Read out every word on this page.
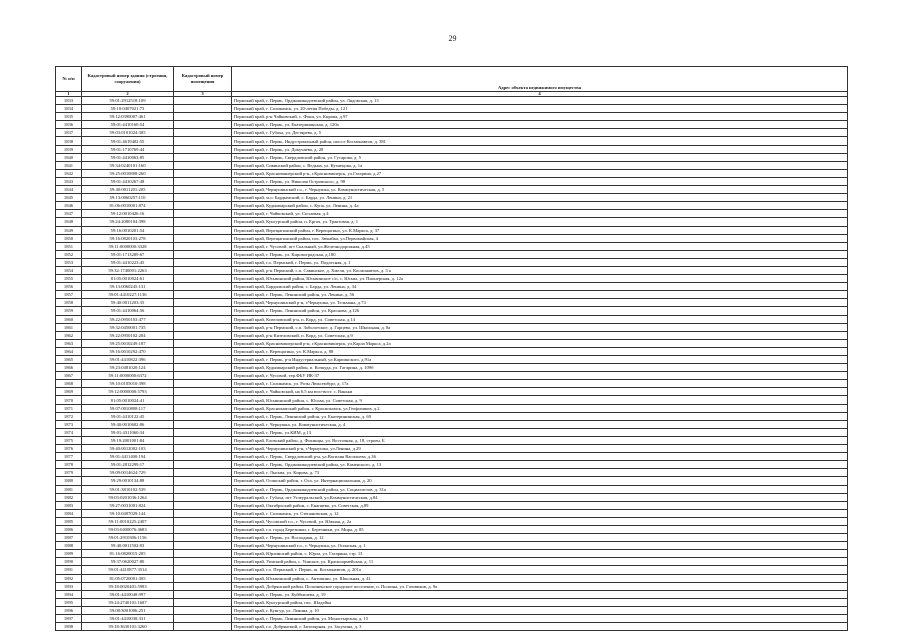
29
№ п/п	Кадастровый номер здания (строения, сооружения)	Кадастровый номер помещения	Адрес объекта недвижимого имущества
1	2	3	4
1833	59:01:2912518:109		Пермский край, г. Пермь, Орджоникидзевский район, ул. Лядовская, д. 13
1834	59:10:0407021:73		Пермский край, г. Соликамск, ул. 20-летия Победы, д. 121
1835	59:12:0390007:461		Пермский край, р-н Чайковский, с. Фоки, ул. Кирова, д.97
1836	59:01:4410160:54		Пермский край, г. Пермь, ул. Екатерининская, д. 120а
1837	59:03:0101024:305		Пермский край, г. Губаха, ул. Дегтярева, д. 5
1838	59:01:4619402:55		Пермский край, г. Пермь, Индустриальный район, шоссе Космонавтов, д. 381
1839	59:01:1710769:44		Пермский край, г. Пермь, ул. Докучаева, д. 28
1840	59:01:4410063:85		Пермский край, г. Пермь, Свердловский район, ул. Гусарова, д. 5
1841	59:34:0240101:160		Пермский край, Сивинский район, с. Ведьма, ул. Кузнецова, д. 1а
1842	59:25:0010808:260		Пермский край, Красновишерский р-н, г.Красновишерск, ул.Гагарина, д.27
1843	59:01:4410267:48		Пермский край, г. Пермь, ул. Николая Островского, д. 98
1844	59:40:0011201:205		Пермский край, Чернушинский г.о., г. Чернушка, ул. Коммунистическая, д. 5
1845	59:13:0060257:110		Пермский край, м.о. Бардымский, с. Барда, ул. Ленина, д. 21
1846	81:06:0010001:874		Пермский край, Кудымкарский район, с. Купа, ул. Ленина, д. 4а
1847	59:12:0010426:16		Пермский край, г. Чайковский, ул. Сосновая, д.4
1848	59:24:2080104:398		Пермский край, Кунгурский район, п. Ергач, ул. Трактовая, д. 1
1849	59:16:0010201:54		Пермский край, Верещагинский район, г. Верещагино, ул. К.Маркса, д. 37
1850	59:16:0820103:278		Пермский край, Верещагинский район, пос. Зюкайка, ул.Первомайская, 4
1851	59:11:0000000:3328		Пермский край, г. Чусовой, пгт Скальный, ул.Железнодорожная, д.45
1852	59:01:1713289:67		Пермский край, г. Пермь, ул. Кировоградская, д.180
1853	59:01:4410223:45		Пермский край, г.о. Пермский, г. Пермь, ул. Подлесная, д. 1
1854	59:32:1740001:2263		Пермский край, р-н Пермский, с.п. Савинское, д. Хмели, ул. Космонавтов, д. 3 а
1855	81:05:0010024:61		Пермский край, Юсьвинский район, Юсьвинское с/п, с. Юсьва, ул. Пионерская, д. 12а
1856	59:13:0060245:131		Пермский край, Бардымский район, с. Барда, ул. Ленина, д. 34
1857	59:01:4410227:1136		Пермский край, г. Пермь, Ленинский район, ул. Ленина, д. 56
1858	59:40:0011203:35		Пермский край, Чернушинский р-н, г.Чернушка, ул. Тельмана, д.73
1859	59:01:4410064:56		Пермский край, г. Пермь, Ленинский район, ул. Краснова, д.126
1860	59:22:0950103:477		Пермский край, Кизеловский р-н, п. Корд, ул. Советская, д.14
1861	59:32:0450001:735		Пермский край, р-н Пермский, с.п. Заболотское, д. Гарцево, ул. Школьная, д. 8а
1862	59:22:0950102:204		Пермский край, р-н Кизеловский, п. Корд, ул. Советская, д.9
1863	59:25:0010249:187		Пермский край, Красновишерский р-н, г.Красновишерск, ул.Карла Маркса, д.2а
1864	59:16:0010292:470		Пермский край, г. Верещагино, ул. К.Маркса, д. 88
1865	59:01:4410822:396		Пермский край, г. Пермь, р-н Индустриальный, ул.Карпинского, д.91а
1866	59:23:0481020:124		Пермский край, Кудымкарский район, п. Кочкуда, ул. Гагарина, д. 109б
1867	59:11:0000000:6372		Пермский край, г. Чусовой, тер.ФБУ ИК-37
1868	59:10:0105010:398		Пермский край, г. Соликамск, ул. Розы Люксембург, д. 17а
1869	59:12:0000000:5793		Пермский край, г. Чайковский, на 6.5 км юго-вост. с. Ваньки
1870	81:05:0010024:41		Пермский край, Юсьвинский район, с. Юсьва, ул. Советская, д. 9
1871	59:07:0010808:117		Пермский край, Краснокамский район, г. Краснокамск, ул.Геофизиков, д.2
1872	59:01:4410122:45		Пермский край, г. Пермь, Ленинский район, ул. Екатерининская, д. 69
1873	59:40:0010602:86		Пермский край, г. Чернушка, ул. Коммунистическая, д. 4
1874	59:01:4311060:34		Пермский край, г. Пермь, ул.КИМ, д.13
1875	59:19:2001001:84		Пермский край, Еловский район, д. Фокинцы, ул. Восточная, д. 18, строен. Б
1876	59:40:0012002:103		Пермский край, Чернушинский р-н, г.Чернушка, ул.Ленина, д.29
1877	59:01:4411400:194		Пермский край, г. Пермь, Свердловский р-н, ул.Василия Васильева, д.36
1878	59:01:2812299:17		Пермский край, г. Пермь, Орджоникидзевский район, ул. Каменского, д. 13
1879	59:09:0014624:729		Пермский край, г. Лысьва, ул. Кирова, д. 73
1880	59:29:0010134:88		Пермский край, Осинский район, г. Оса, ул. Интернациональная, д. 20
1881	59:01:3810102:539		Пермский край, г. Пермь, Орджоникидзевский район, ул. Социалистов, д. 31а
1882	59:03:0201036:1264		Пермский край, г. Губаха, пгт Углеуральский, ул.Коммунистическая, д.84
1883	59:27:0031001:824		Пермский край, Октябрьский район, с. Енапаево, ул. Советская, д.89
1884	59:10:0407029:144		Пермский край, г. Соликамск, ул. Степановская, д. 12
1885	59:11:0010225:2407		Пермский край, Чусовской г.о., г. Чусовой, ул. Южная, д. 2а
1886	59:03:0400076:4683		Пермский край, г.о. город Березники, г. Березники, ул. Мира, д. 85
1887	59:01:2910306:1156		Пермский край, г. Пермь, ул. Восходная, д. 12
1888	59:40:0011502:83		Пермский край, Чернушинский г.о., г. Чернушка, ул. Осинская, д. 1
1889	81:16:0820015:205		Пермский край, Юрлинский район, с. Юрла, ул. Гагарина, стр. 13
1890	59:37:0620027:80		Пермский край, Уинский район, с. Уинское, ул. Красноармейская, д. 11
1891	59:01:4410877:3514		Пермский край, г.о. Пермский, г. Пермь, ш. Космонавтов, д. 201а
1892	81:05:0720001:305		Пермский край, Юсьвинский район, с. Антипино, ул. Школьная, д. 41
1893	59:18:0020401:5983		Пермский край, Добрянский район, Полазненское городское поселение, п. Полазна, ул. Газовиков, д. 9а
1894	59:01:4410048:997		Пермский край, г. Пермь, ул. Куйбышева, д. 19
1895	59:24:2740101:1687		Пермский край, Кунгурский район, пос. Шадейка
1896	59:08:3001006:251		Пермский край, г. Кунгур, ул. Ленина, д. 10
1897	59:01:4410038:331		Пермский край, г. Пермь, Ленинский район, ул. Монастырская, д. 15
1898	59:18:3630101:3260		Пермский край, г.о. Добрянский, г. Заполярная, ул. Засухина, д. 3
